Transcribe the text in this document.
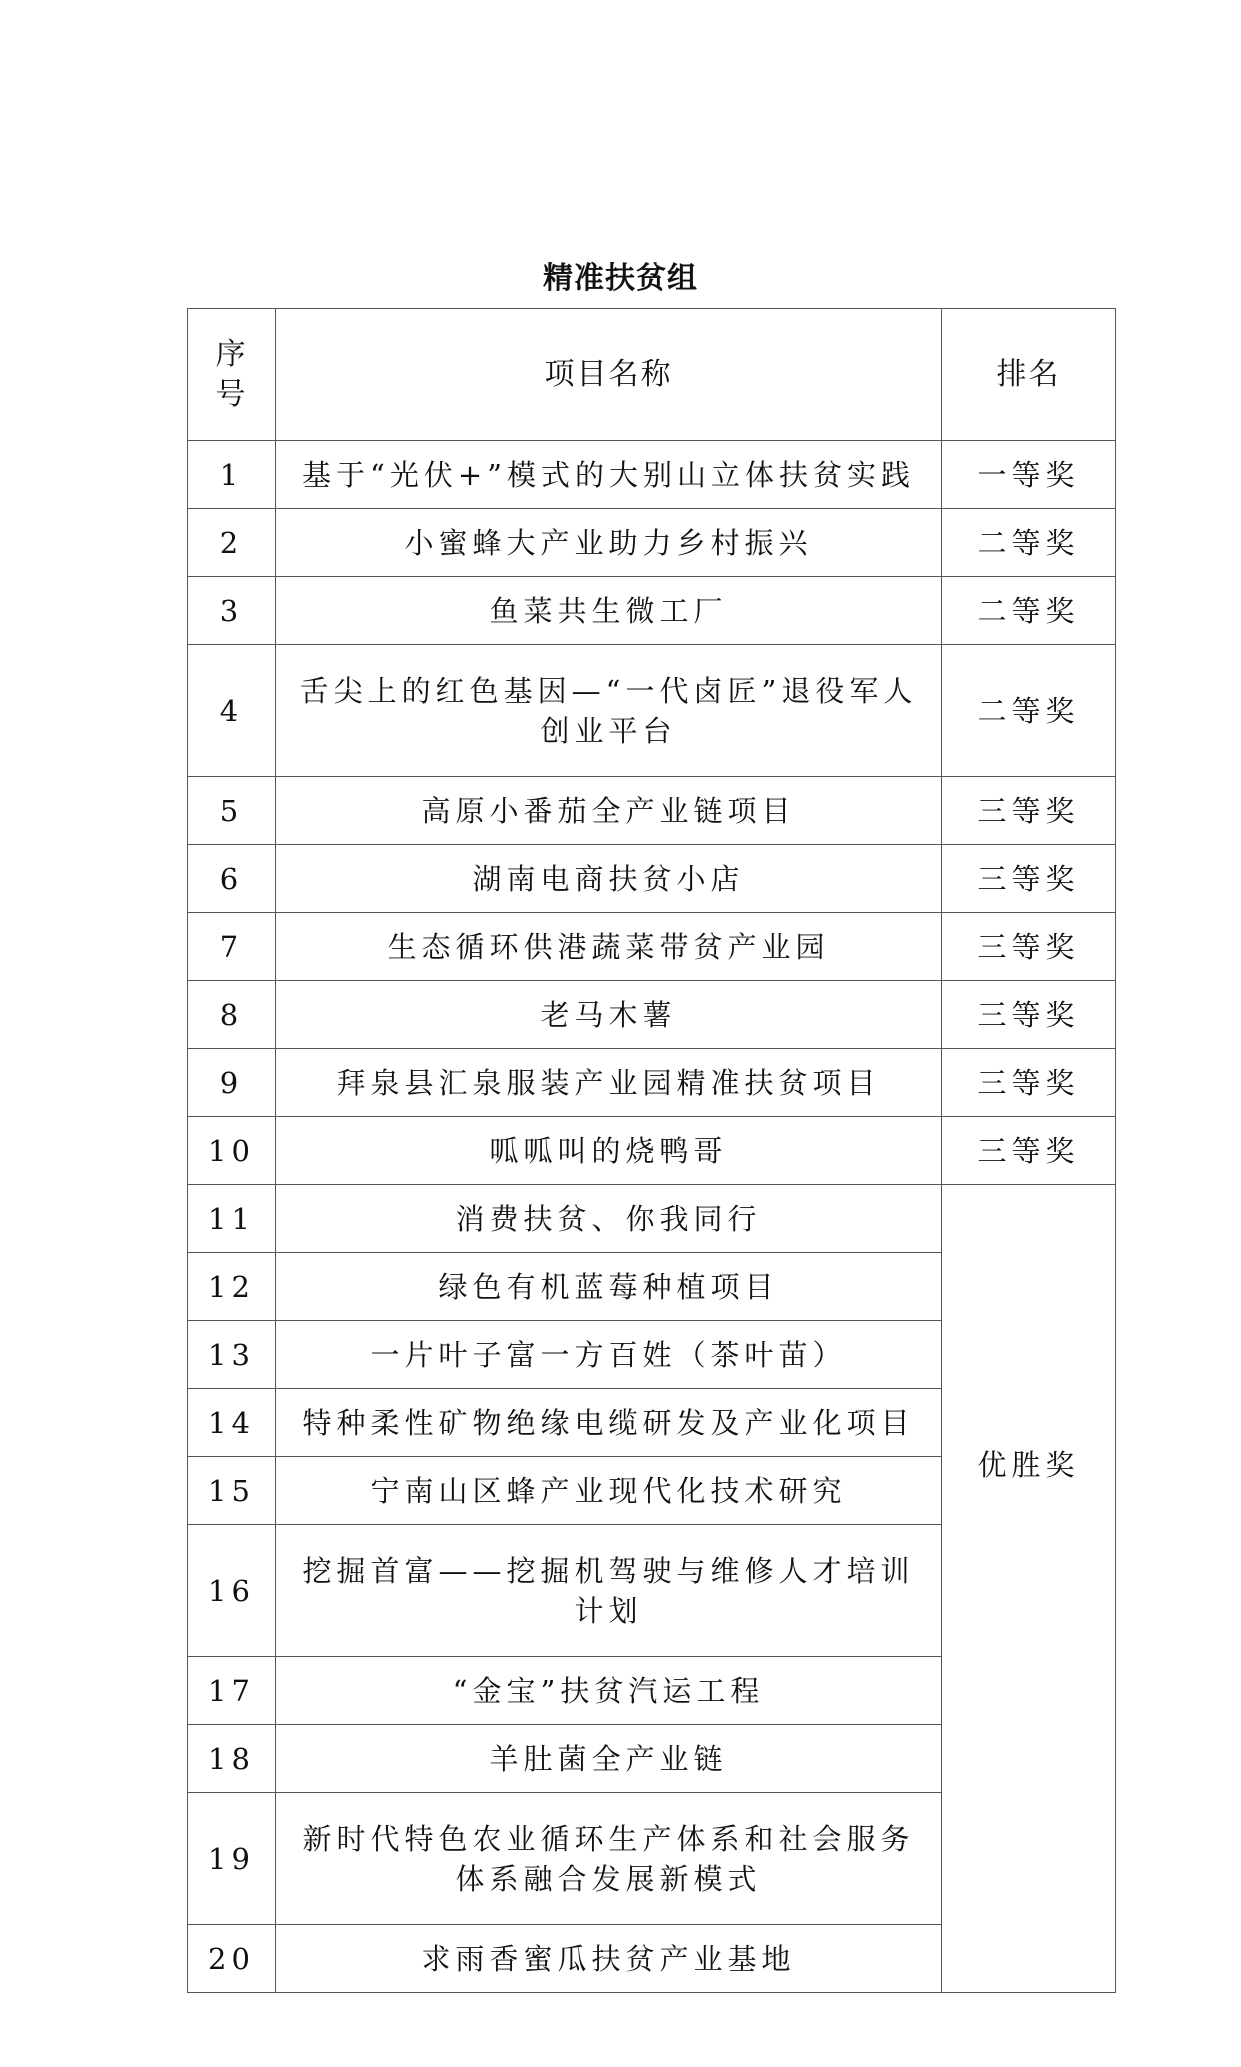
精准扶贫组
序
号	项目名称	排名
1	基于“光伏+”模式的大别山立体扶贫实践	一等奖
2	小蜜蜂大产业助力乡村振兴	二等奖
3	鱼菜共生微工厂	二等奖
4	舌尖上的红色基因—“一代卤匠”退役军人创业平台	二等奖
5	高原小番茄全产业链项目	三等奖
6	湖南电商扶贫小店	三等奖
7	生态循环供港蔬菜带贫产业园	三等奖
8	老马木薯	三等奖
9	拜泉县汇泉服装产业园精准扶贫项目	三等奖
10	呱呱叫的烧鸭哥	三等奖
11	消费扶贫、你我同行	优胜奖
12	绿色有机蓝莓种植项目	
13	一片叶子富一方百姓（茶叶苗）	
14	特种柔性矿物绝缘电缆研发及产业化项目	
15	宁南山区蜂产业现代化技术研究	
16	挖掘首富——挖掘机驾驶与维修人才培训计划	
17	“金宝”扶贫汽运工程	
18	羊肚菌全产业链	
19	新时代特色农业循环生产体系和社会服务体系融合发展新模式	
20	求雨香蜜瓜扶贫产业基地	
